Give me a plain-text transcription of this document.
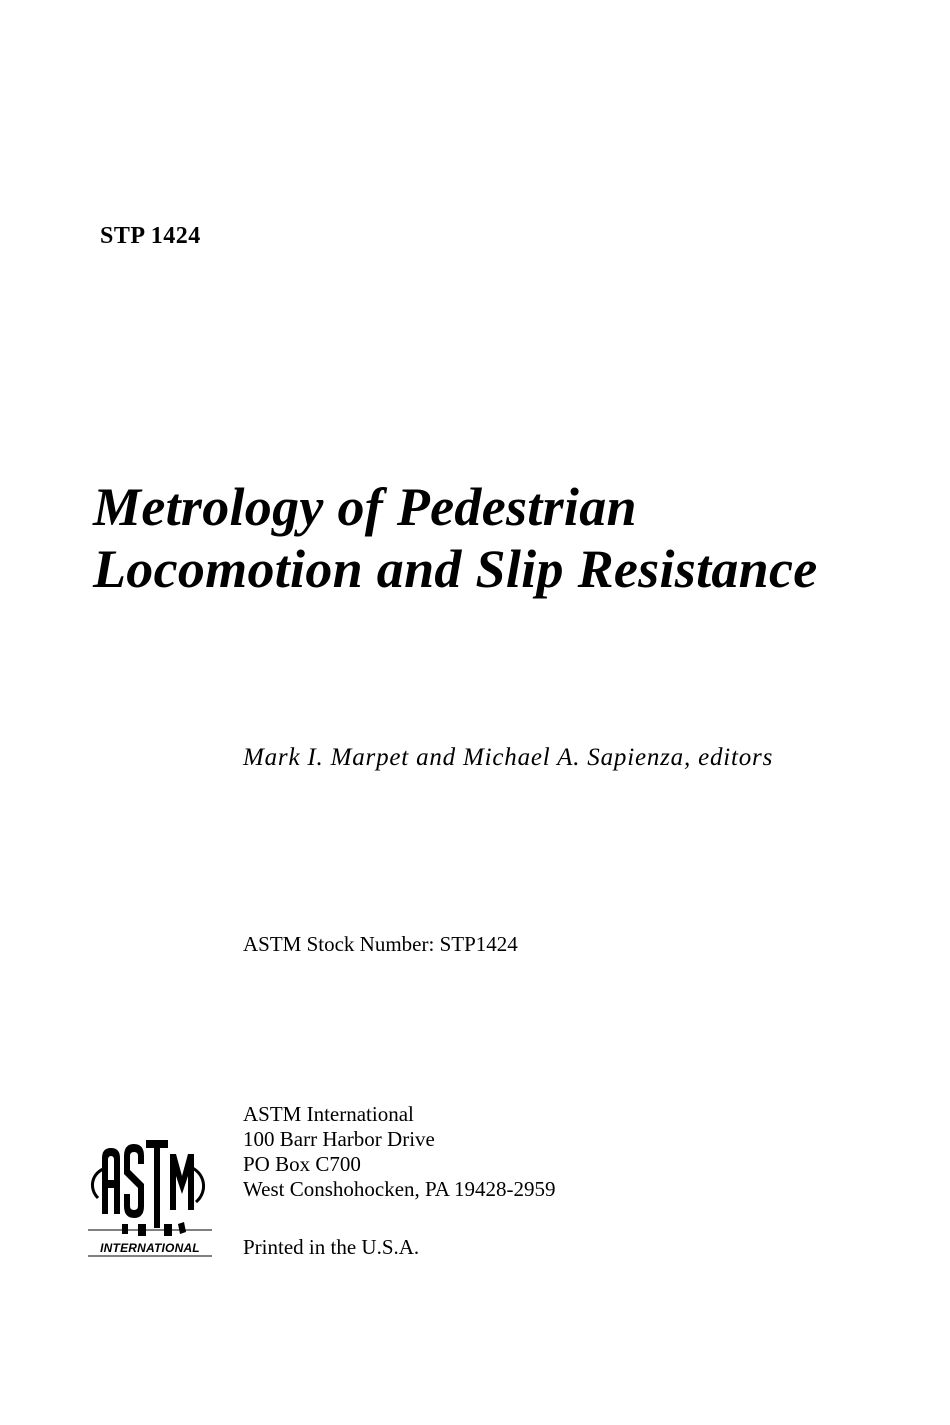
STP 1424
Metrology of Pedestrian
Locomotion and Slip Resistance
Mark I. Marpet and Michael A. Sapienza, editors
ASTM Stock Number: STP1424
ASTM International
100 Barr Harbor Drive
PO Box C700
West Conshohocken, PA 19428-2959
Printed in the U.S.A.
INTERNATIONAL
